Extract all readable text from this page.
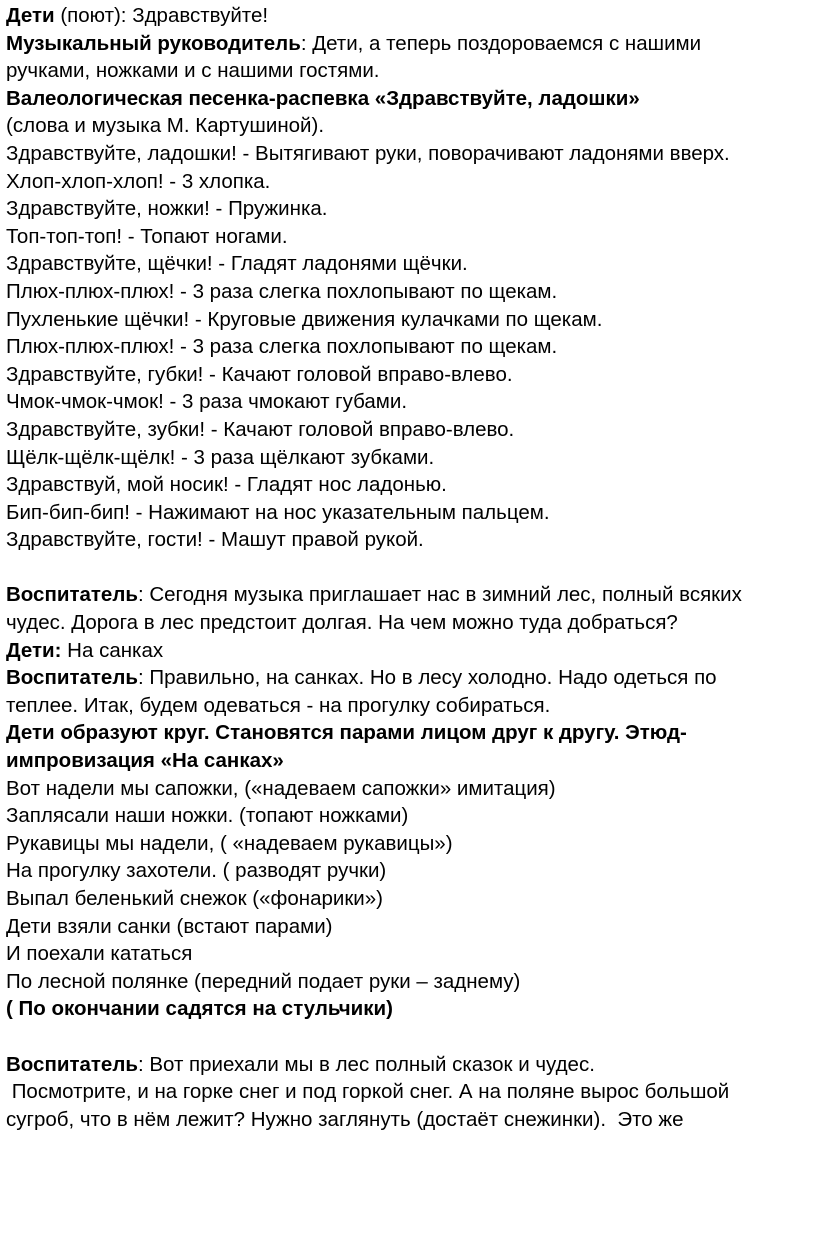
Дети (поют): Здравствуйте!
Музыкальный руководитель: Дети, а теперь поздороваемся с нашими
ручками, ножками и с нашими гостями.
Валеологическая песенка-распевка «Здравствуйте, ладошки»
(слова и музыка М. Картушиной).
Здравствуйте, ладошки! - Вытягивают руки, поворачивают ладонями вверх.
Хлоп-хлоп-хлоп! - 3 хлопка.
Здравствуйте, ножки! - Пружинка.
Топ-топ-топ! - Топают ногами.
Здравствуйте, щёчки! - Гладят ладонями щёчки.
Плюх-плюх-плюх! - 3 раза слегка похлопывают по щекам.
Пухленькие щёчки! - Круговые движения кулачками по щекам.
Плюх-плюх-плюх! - 3 раза слегка похлопывают по щекам.
Здравствуйте, губки! - Качают головой вправо-влево.
Чмок-чмок-чмок! - 3 раза чмокают губами.
Здравствуйте, зубки! - Качают головой вправо-влево.
Щёлк-щёлк-щёлк! - 3 раза щёлкают зубками.
Здравствуй, мой носик! - Гладят нос ладонью.
Бип-бип-бип! - Нажимают на нос указательным пальцем.
Здравствуйте, гости! - Машут правой рукой.
Воспитатель: Сегодня музыка приглашает нас в зимний лес, полный всяких
чудес. Дорога в лес предстоит долгая. На чем можно туда добраться?
Дети: На санках
Воспитатель: Правильно, на санках. Но в лесу холодно. Надо одеться по
теплее. Итак, будем одеваться - на прогулку собираться.
Дети образуют круг. Становятся парами лицом друг к другу. Этюд-
импровизация «На санках»
Вот надели мы сапожки, («надеваем сапожки» имитация)
Заплясали наши ножки. (топают ножками)
Рукавицы мы надели, ( «надеваем рукавицы»)
На прогулку захотели. ( разводят ручки)
Выпал беленький снежок («фонарики»)
Дети взяли санки (встают парами)
И поехали кататься
По лесной полянке (передний подает руки – заднему)
( По окончании садятся на стульчики)
Воспитатель: Вот приехали мы в лес полный сказок и чудес.
Посмотрите, и на горке снег и под горкой снег. А на поляне вырос большой
сугроб, что в нём лежит? Нужно заглянуть (достаёт снежинки).  Это же
